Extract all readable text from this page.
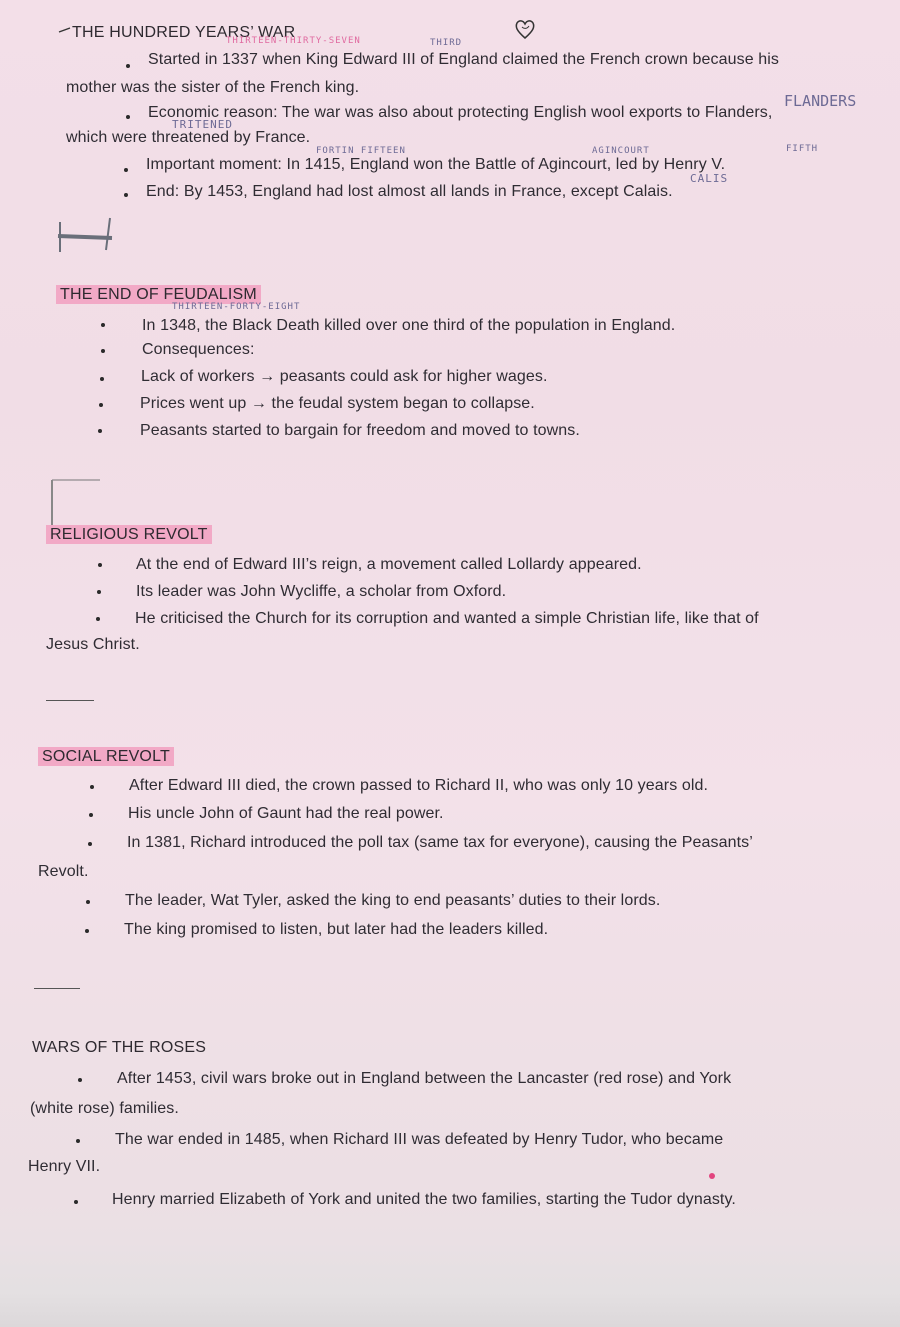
THE HUNDRED YEARS’ WAR
THIRTEEN-THIRTY-SEVEN	THIRD

Started in 1337 when King Edward III of England claimed the French crown because his

mother was the sister of the French king.

FLANDERS

Economic reason: The war was also about protecting English wool exports to Flanders,

TRITENED

which were threatened by France.

FORTIN FIFTEEN	AGINCOURT	FIFTH

Important moment: In 1415, England won the Battle of Agincourt, led by Henry V.

CALIS

End: By 1453, England had lost almost all lands in France, except Calais.

THE END OF FEUDALISM
THIRTEEN-FORTY-EIGHT

In 1348, the Black Death killed over one third of the population in England.

Consequences:

Lack of workers → peasants could ask for higher wages.

Prices went up → the feudal system began to collapse.

Peasants started to bargain for freedom and moved to towns.

RELIGIOUS REVOLT

At the end of Edward III’s reign, a movement called Lollardy appeared.

Its leader was John Wycliffe, a scholar from Oxford.

He criticised the Church for its corruption and wanted a simple Christian life, like that of

Jesus Christ.

SOCIAL REVOLT

After Edward III died, the crown passed to Richard II, who was only 10 years old.

His uncle John of Gaunt had the real power.

In 1381, Richard introduced the poll tax (same tax for everyone), causing the Peasants’

Revolt.

The leader, Wat Tyler, asked the king to end peasants’ duties to their lords.

The king promised to listen, but later had the leaders killed.

WARS OF THE ROSES

After 1453, civil wars broke out in England between the Lancaster (red rose) and York

(white rose) families.

The war ended in 1485, when Richard III was defeated by Henry Tudor, who became

Henry VII.

Henry married Elizabeth of York and united the two families, starting the Tudor dynasty.
